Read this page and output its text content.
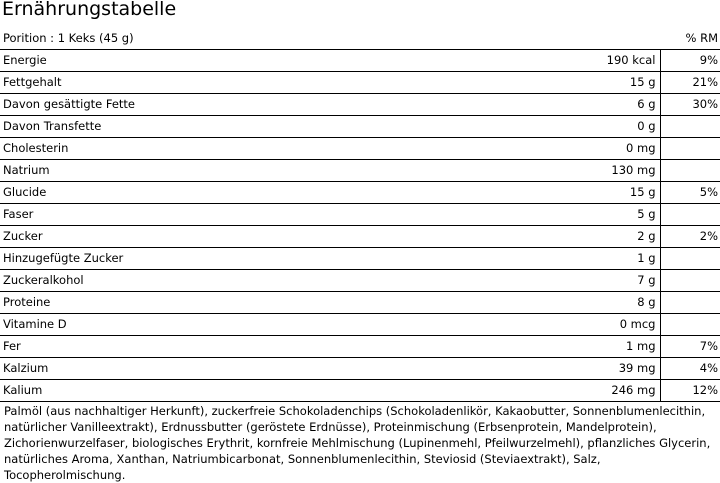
Ernährungstabelle
Porition : 1 Keks (45 g)		% RM
Energie	190 kcal	9%
Fettgehalt	15 g	21%
Davon gesättigte Fette	6 g	30%
Davon Transfette	0 g	
Cholesterin	0 mg	
Natrium	130 mg	
Glucide	15 g	5%
Faser	5 g	
Zucker	2 g	2%
Hinzugefügte Zucker	1 g	
Zuckeralkohol	7 g	
Proteine	8 g	
Vitamine D	0 mcg	
Fer	1 mg	7%
Kalzium	39 mg	4%
Kalium	246 mg	12%
Palmöl (aus nachhaltiger Herkunft), zuckerfreie Schokoladenchips (Schokoladenlikör, Kakaobutter, Sonnenblumenlecithin, natürlicher Vanilleextrakt), Erdnussbutter (geröstete Erdnüsse), Proteinmischung (Erbsenprotein, Mandelprotein), Zichorienwurzelfaser, biologisches Erythrit, kornfreie Mehlmischung (Lupinenmehl, Pfeilwurzelmehl), pflanzliches Glycerin, natürliches Aroma, Xanthan, Natriumbicarbonat, Sonnenblumenlecithin, Steviosid (Steviaextrakt), Salz, Tocopherolmischung.
